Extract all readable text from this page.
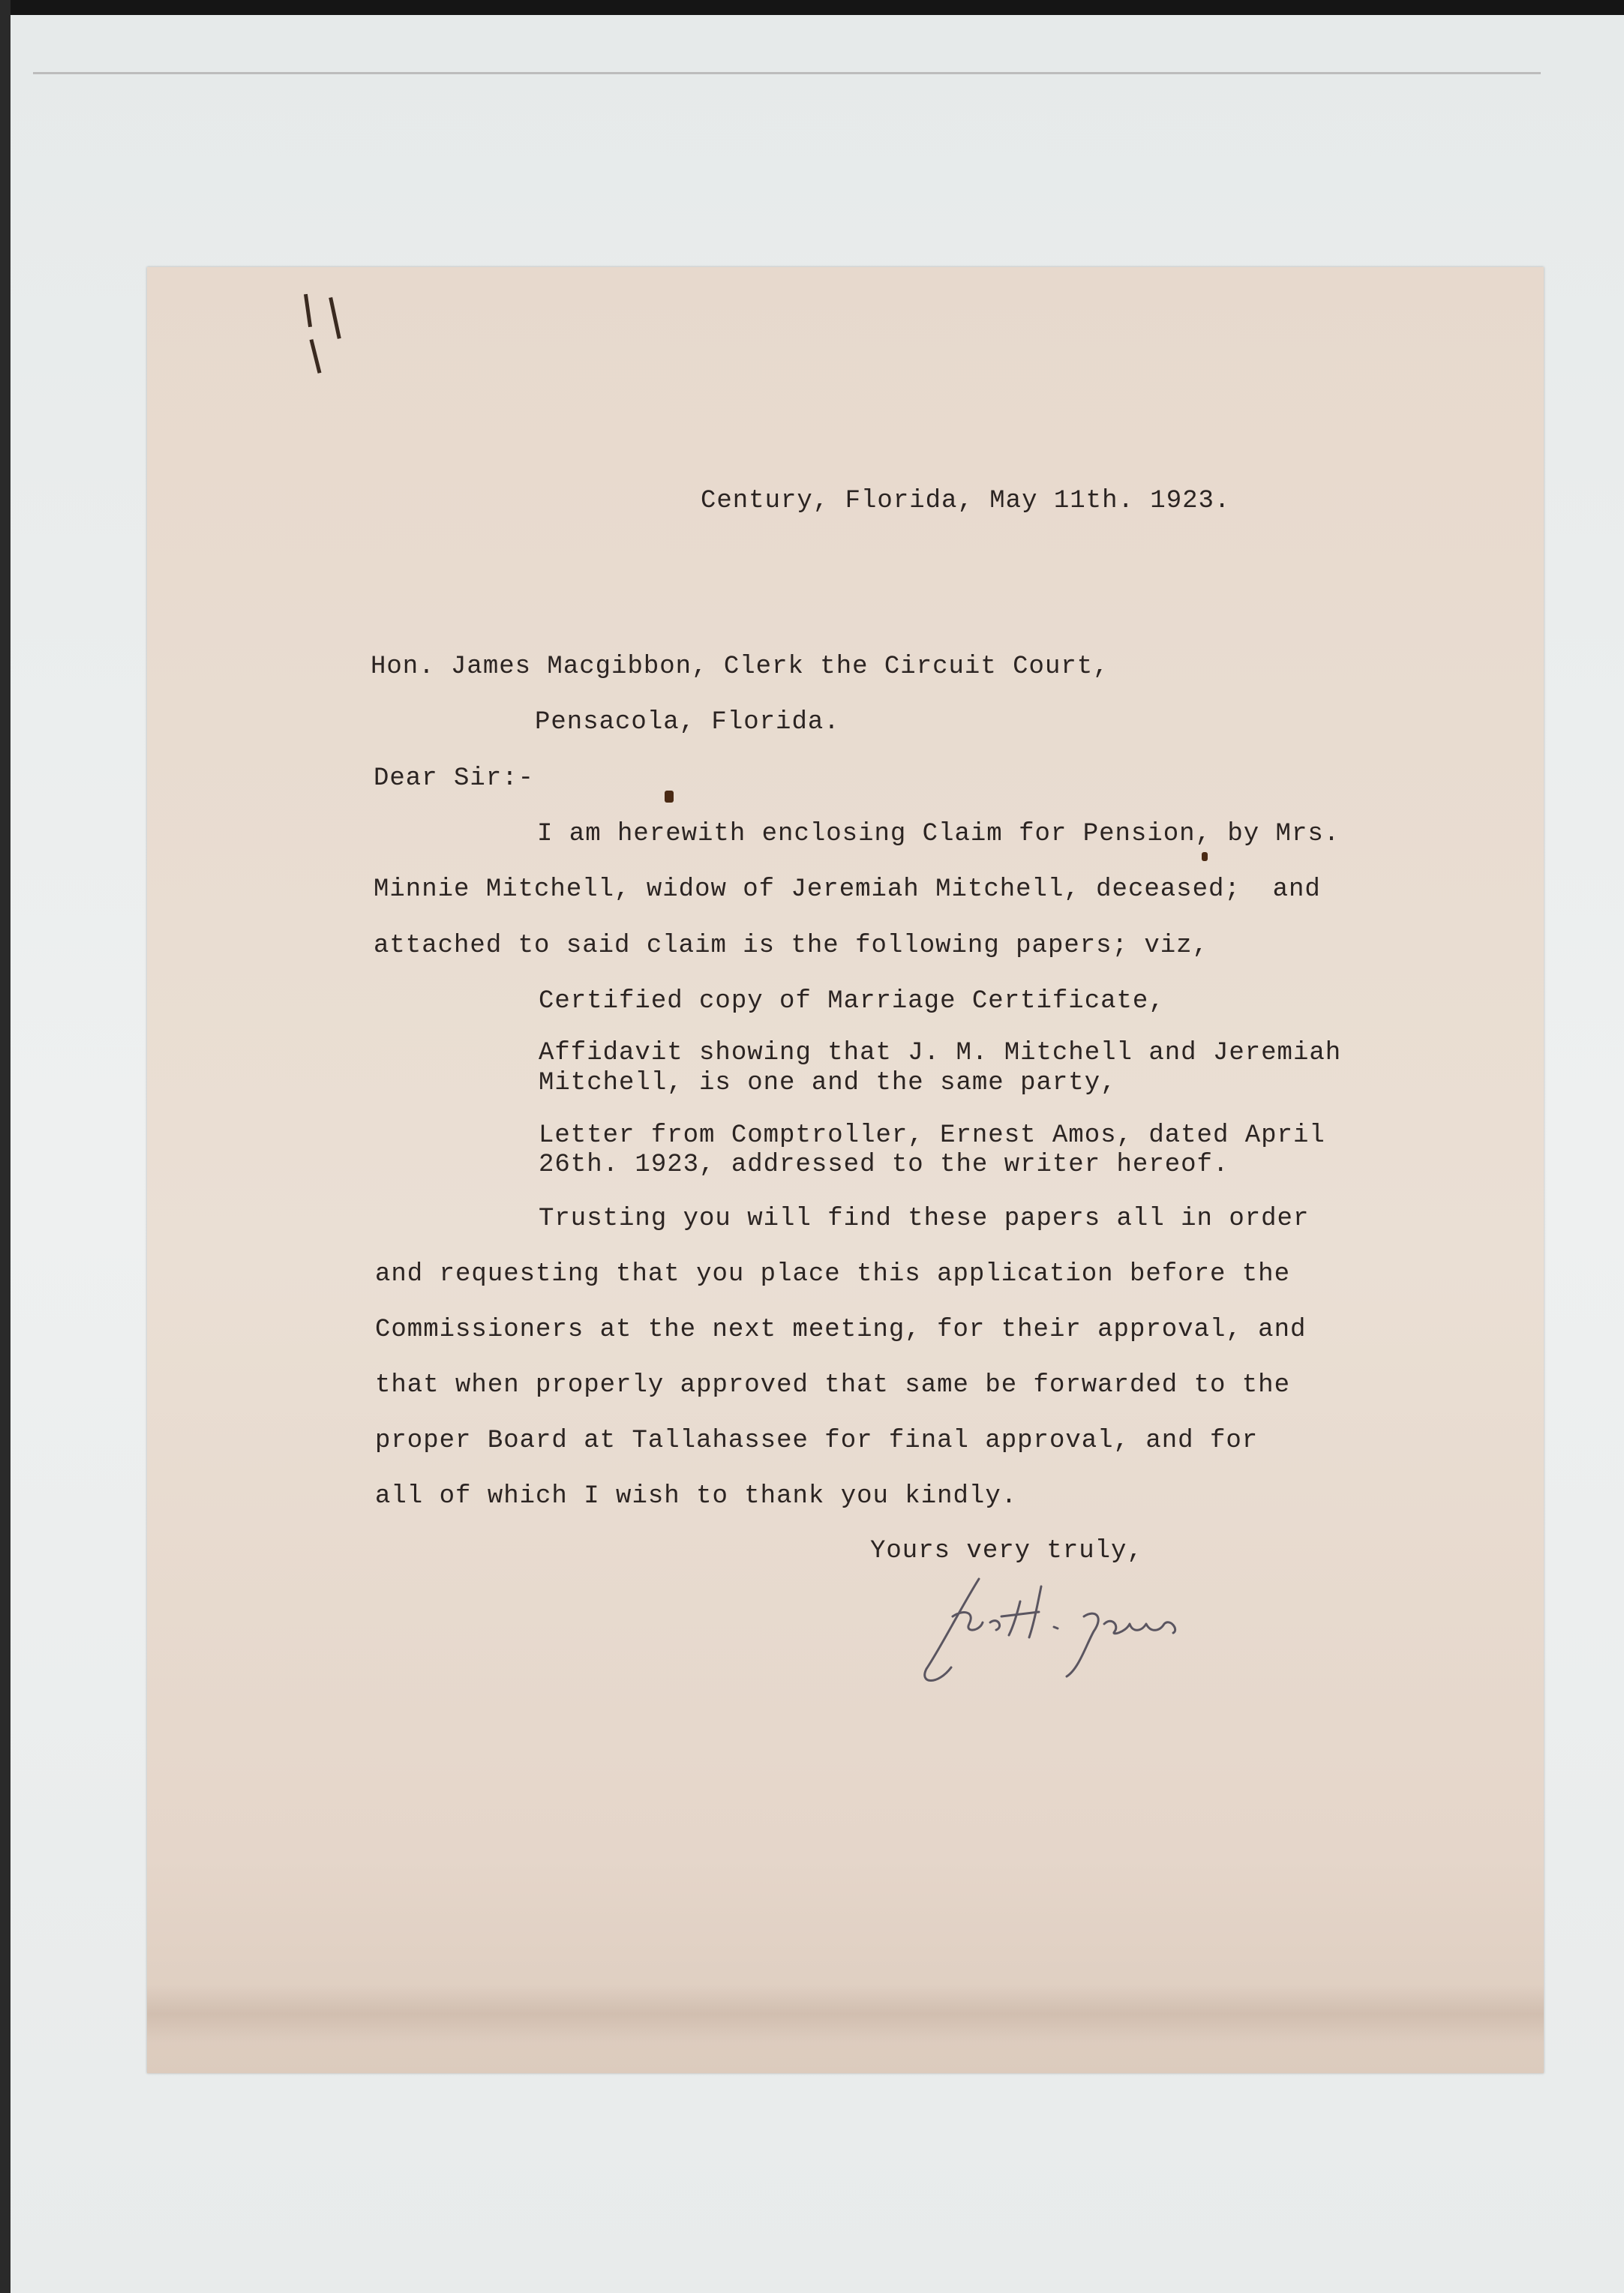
Century, Florida, May 11th. 1923.

Hon. James Macgibbon, Clerk the Circuit Court,

Pensacola, Florida.

Dear Sir:-

I am herewith enclosing Claim for Pension, by Mrs.

Minnie Mitchell, widow of Jeremiah Mitchell, deceased;  and

attached to said claim is the following papers; viz,

Certified copy of Marriage Certificate,

Affidavit showing that J. M. Mitchell and Jeremiah

Mitchell, is one and the same party,

Letter from Comptroller, Ernest Amos, dated April

26th. 1923, addressed to the writer hereof.

Trusting you will find these papers all in order

and requesting that you place this application before the

Commissioners at the next meeting, for their approval, and

that when properly approved that same be forwarded to the

proper Board at Tallahassee for final approval, and for

all of which I wish to thank you kindly.

Yours very truly,
